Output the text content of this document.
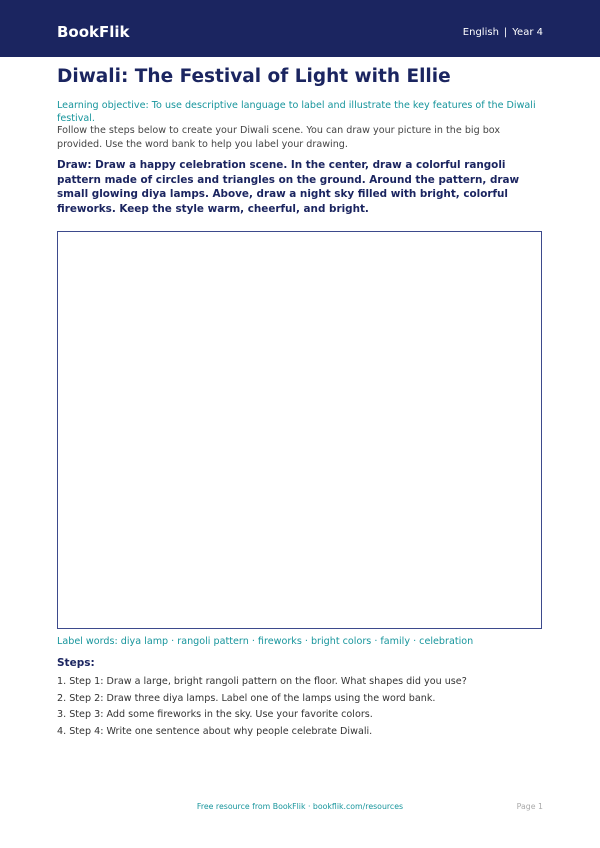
BookFlik	English | Year 4
Diwali: The Festival of Light with Ellie
Learning objective: To use descriptive language to label and illustrate the key features of the Diwali festival.
Follow the steps below to create your Diwali scene. You can draw your picture in the big box provided. Use the word bank to help you label your drawing.
Draw: Draw a happy celebration scene. In the center, draw a colorful rangoli pattern made of circles and triangles on the ground. Around the pattern, draw small glowing diya lamps. Above, draw a night sky filled with bright, colorful fireworks. Keep the style warm, cheerful, and bright.
Label words: diya lamp · rangoli pattern · fireworks · bright colors · family · celebration
Steps:
1. Step 1: Draw a large, bright rangoli pattern on the floor. What shapes did you use?
2. Step 2: Draw three diya lamps. Label one of the lamps using the word bank.
3. Step 3: Add some fireworks in the sky. Use your favorite colors.
4. Step 4: Write one sentence about why people celebrate Diwali.
Free resource from BookFlik · bookflik.com/resources	Page 1
